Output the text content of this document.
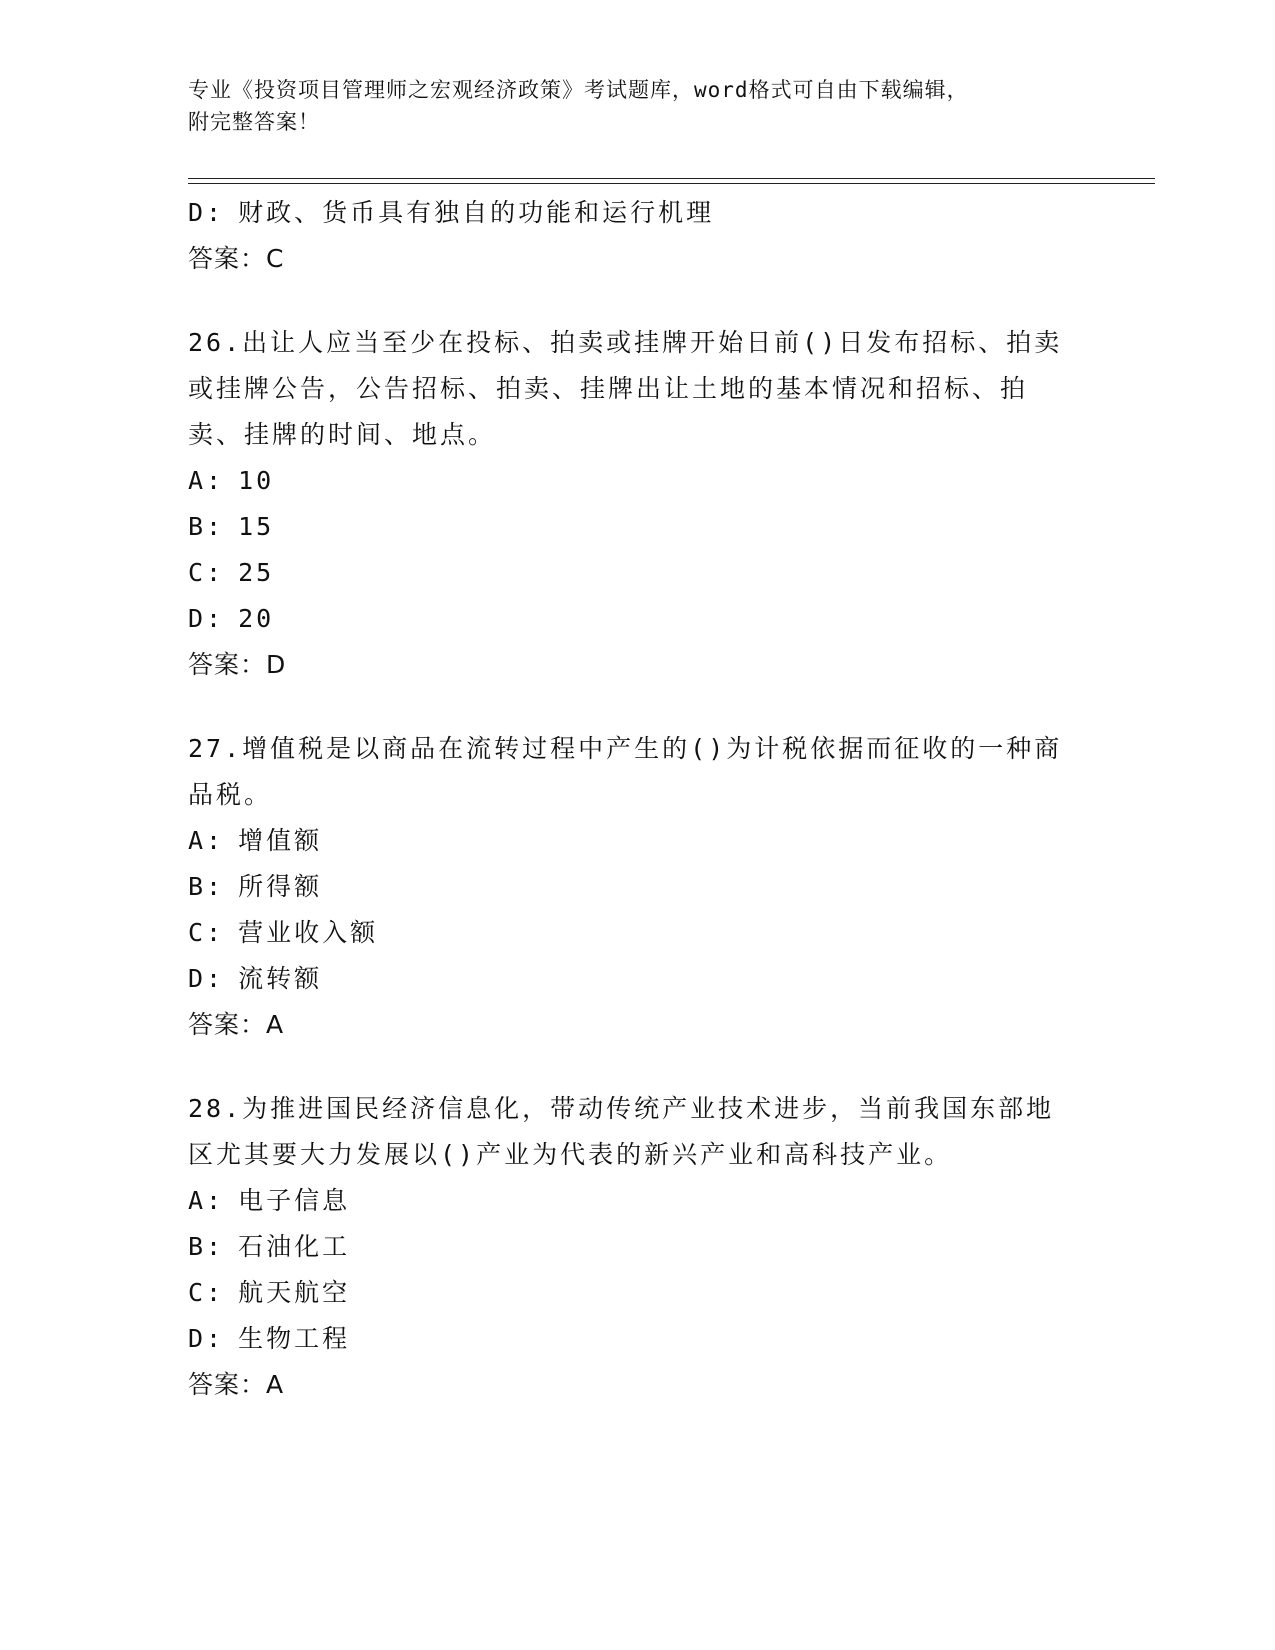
专业《投资项目管理师之宏观经济政策》考试题库，word格式可自由下载编辑，
附完整答案！
D: 财政、货币具有独自的功能和运行机理
答案：C
26.出让人应当至少在投标、拍卖或挂牌开始日前()日发布招标、拍卖
或挂牌公告，公告招标、拍卖、挂牌出让土地的基本情况和招标、拍
卖、挂牌的时间、地点。
A: 10
B: 15
C: 25
D: 20
答案：D
27.增值税是以商品在流转过程中产生的()为计税依据而征收的一种商
品税。
A: 增值额
B: 所得额
C: 营业收入额
D: 流转额
答案：A
28.为推进国民经济信息化，带动传统产业技术进步，当前我国东部地
区尤其要大力发展以()产业为代表的新兴产业和高科技产业。
A: 电子信息
B: 石油化工
C: 航天航空
D: 生物工程
答案：A
